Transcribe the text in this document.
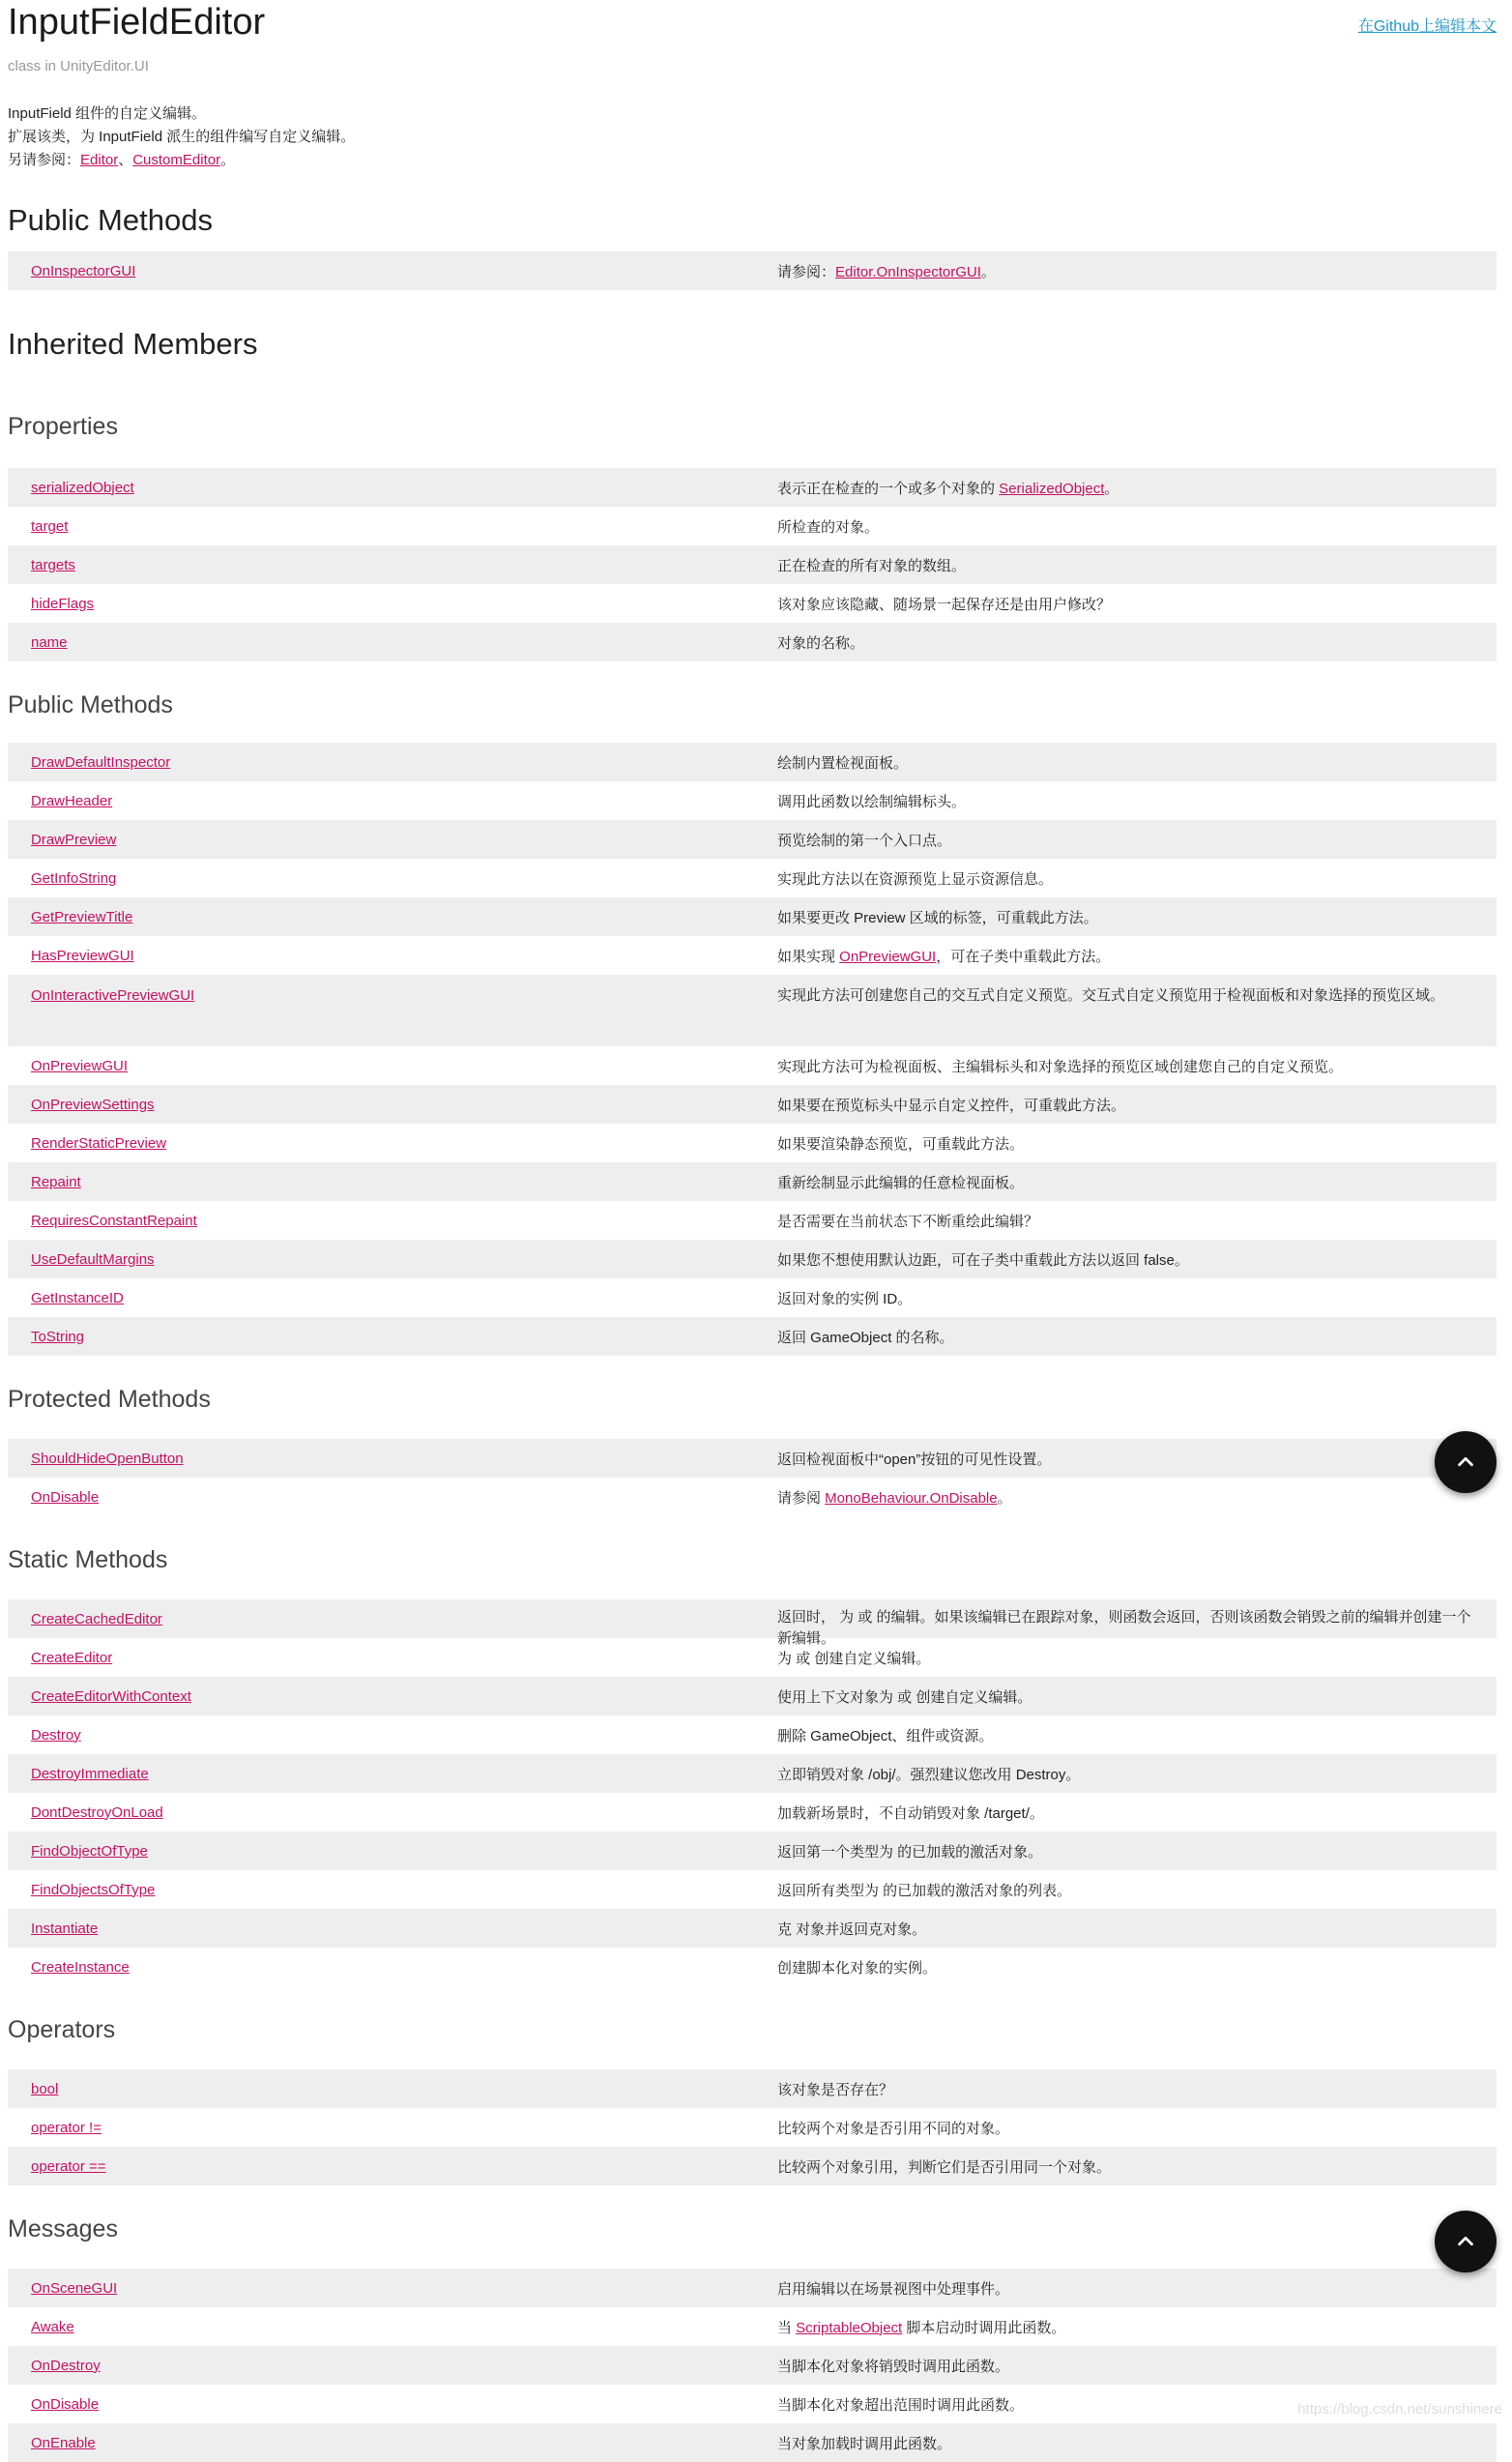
InputFieldEditor	在Github上编辑本文
class in UnityEditor.UI
InputField 组件的自定义编辑。
扩展该类，为 InputField 派生的组件编写自定义编辑。
另请参阅：Editor、CustomEditor。
Public Methods
OnInspectorGUI	请参阅：Editor.OnInspectorGUI。
Inherited Members
Properties
serializedObject	表示正在检查的一个或多个对象的 SerializedObject。
target	所检查的对象。
targets	正在检查的所有对象的数组。
hideFlags	该对象应该隐藏、随场景一起保存还是由用户修改？
name	对象的名称。
Public Methods
DrawDefaultInspector	绘制内置检视面板。
DrawHeader	调用此函数以绘制编辑标头。
DrawPreview	预览绘制的第一个入口点。
GetInfoString	实现此方法以在资源预览上显示资源信息。
GetPreviewTitle	如果要更改 Preview 区域的标签，可重载此方法。
HasPreviewGUI	如果实现 OnPreviewGUI，可在子类中重载此方法。
OnInteractivePreviewGUI	实现此方法可创建您自己的交互式自定义预览。交互式自定义预览用于检视面板和对象选择的预览区域。
OnPreviewGUI	实现此方法可为检视面板、主编辑标头和对象选择的预览区域创建您自己的自定义预览。
OnPreviewSettings	如果要在预览标头中显示自定义控件，可重载此方法。
RenderStaticPreview	如果要渲染静态预览，可重载此方法。
Repaint	重新绘制显示此编辑的任意检视面板。
RequiresConstantRepaint	是否需要在当前状态下不断重绘此编辑？
UseDefaultMargins	如果您不想使用默认边距，可在子类中重载此方法以返回 false。
GetInstanceID	返回对象的实例 ID。
ToString	返回 GameObject 的名称。
Protected Methods
ShouldHideOpenButton	返回检视面板中“open”按钮的可见性设置。
OnDisable	请参阅 MonoBehaviour.OnDisable。
Static Methods
CreateCachedEditor	返回时， 为 或 的编辑。如果该编辑已在跟踪对象，则函数会返回，否则该函数会销毁之前的编辑并创建一个新编辑。

CreateEditor	为 或 创建自定义编辑。
CreateEditorWithContext	使用上下文对象为 或 创建自定义编辑。
Destroy	删除 GameObject、组件或资源。
DestroyImmediate	立即销毁对象 /obj/。强烈建议您改用 Destroy。
DontDestroyOnLoad	加载新场景时，不自动销毁对象 /target/。
FindObjectOfType	返回第一个类型为 的已加载的激活对象。
FindObjectsOfType	返回所有类型为 的已加载的激活对象的列表。
Instantiate	克 对象并返回克对象。
CreateInstance	创建脚本化对象的实例。
Operators
bool	该对象是否存在？
operator !=	比较两个对象是否引用不同的对象。
operator ==	比较两个对象引用，判断它们是否引用同一个对象。
Messages
OnSceneGUI	启用编辑以在场景视图中处理事件。
Awake	当 ScriptableObject 脚本启动时调用此函数。
OnDestroy	当脚本化对象将销毁时调用此函数。
OnDisable	当脚本化对象超出范围时调用此函数。
OnEnable	当对象加载时调用此函数。
https://blog.csdn.net/sunshinere
